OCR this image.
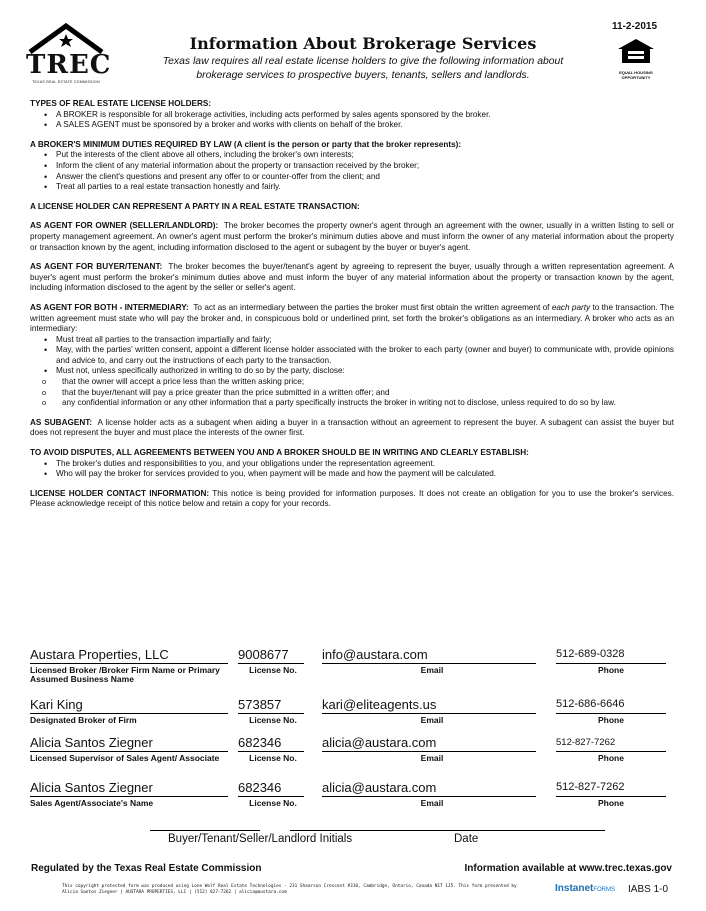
TREC
TEXAS REAL ESTATE COMMISSION
11-2-2015
EQUAL HOUSING OPPORTUNITY
Information About Brokerage Services
Texas law requires all real estate license holders to give the following information about
brokerage services to prospective buyers, tenants, sellers and landlords.

TYPES OF REAL ESTATE LICENSE HOLDERS:

• A BROKER is responsible for all brokerage activities, including acts performed by sales agents sponsored by the broker.
• A SALES AGENT must be sponsored by a broker and works with clients on behalf of the broker.

A BROKER'S MINIMUM DUTIES REQUIRED BY LAW (A client is the person or party that the broker represents):

• Put the interests of the client above all others, including the broker's own interests;
• Inform the client of any material information about the property or transaction received by the broker;
• Answer the client's questions and present any offer to or counter-offer from the client; and
• Treat all parties to a real estate transaction honestly and fairly.

A LICENSE HOLDER CAN REPRESENT A PARTY IN A REAL ESTATE TRANSACTION:

AS AGENT FOR OWNER (SELLER/LANDLORD): The broker becomes the property owner's agent through an agreement with the owner, usually in a written listing to sell or property management agreement. An owner's agent must perform the broker's minimum duties above and must inform the owner of any material information about the property or transaction known by the agent, including information disclosed to the agent or subagent by the buyer or buyer's agent.

AS AGENT FOR BUYER/TENANT: The broker becomes the buyer/tenant's agent by agreeing to represent the buyer, usually through a written representation agreement. A buyer's agent must perform the broker's minimum duties above and must inform the buyer of any material information about the property or transaction known by the agent, including information disclosed to the agent by the seller or seller's agent.

AS AGENT FOR BOTH - INTERMEDIARY: To act as an intermediary between the parties the broker must first obtain the written agreement of each party to the transaction. The written agreement must state who will pay the broker and, in conspicuous bold or underlined print, set forth the broker's obligations as an intermediary. A broker who acts as an intermediary:

• Must treat all parties to the transaction impartially and fairly;
• May, with the parties' written consent, appoint a different license holder associated with the broker to each party (owner and buyer) to communicate with, provide opinions and advice to, and carry out the instructions of each party to the transaction.
• Must not, unless specifically authorized in writing to do so by the party, disclose:
o that the owner will accept a price less than the written asking price;
o that the buyer/tenant will pay a price greater than the price submitted in a written offer; and
o any confidential information or any other information that a party specifically instructs the broker in writing not to disclose, unless required to do so by law.

AS SUBAGENT: A license holder acts as a subagent when aiding a buyer in a transaction without an agreement to represent the buyer. A subagent can assist the buyer but does not represent the buyer and must place the interests of the owner first.

TO AVOID DISPUTES, ALL AGREEMENTS BETWEEN YOU AND A BROKER SHOULD BE IN WRITING AND CLEARLY ESTABLISH:

• The broker's duties and responsibilities to you, and your obligations under the representation agreement.
• Who will pay the broker for services provided to you, when payment will be made and how the payment will be calculated.

LICENSE HOLDER CONTACT INFORMATION: This notice is being provided for information purposes. It does not create an obligation for you to use the broker's services. Please acknowledge receipt of this notice below and retain a copy for your records.

Austara Properties, LLC	9008677	info@austara.com	512-689-0328
Licensed Broker /Broker Firm Name or Primary Assumed Business Name
License No.	Email	Phone
Kari King	573857	kari@eliteagents.us	512-686-6646
Designated Broker of Firm	License No.	Email	Phone
Alicia Santos Ziegner	682346	alicia@austara.com	512-827-7262
Licensed Supervisor of Sales Agent/ Associate	License No.	Email	Phone
Alicia Santos Ziegner	682346	alicia@austara.com	512-827-7262
Sales Agent/Associate's Name	License No.	Email	Phone
Buyer/Tenant/Seller/Landlord Initials	Date
Regulated by the Texas Real Estate Commission	Information available at www.trec.texas.gov
This copyright protected form was produced using Lone Wolf Real Estate Technologies - 231 Shearson Crescent #310, Cambridge, Ontario, Canada N1T 1J5. This form presented by Alicia Santos Ziegner | AUSTARA PROPERTIES, LLC | (512) 827-7262 | alicia@austara.com	InstanetFORMS IABS 1-0
